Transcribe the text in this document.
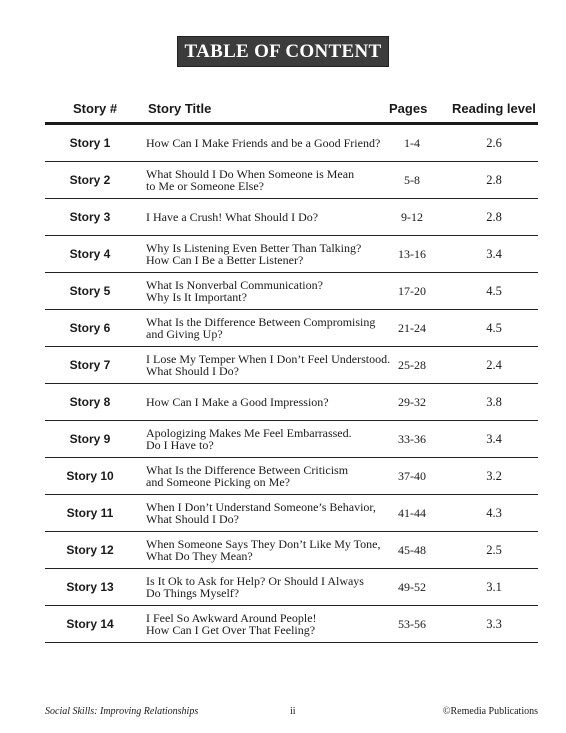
TABLE OF CONTENT
Story # Story Title	Pages Reading level
Story 1	How Can I Make Friends and be a Good Friend?	1-4	2.6
Story 2	What Should I Do When Someone is Mean
to Me or Someone Else?	5-8	2.8
Story 3	I Have a Crush! What Should I Do?	9-12	2.8
Story 4	Why Is Listening Even Better Than Talking?
How Can I Be a Better Listener?	13-16	3.4
Story 5	What Is Nonverbal Communication?
Why Is It Important?	17-20	4.5
Story 6	What Is the Difference Between Compromising
and Giving Up?	21-24	4.5
Story 7	I Lose My Temper When I Don’t Feel Understood.
What Should I Do?	25-28	2.4
Story 8	How Can I Make a Good Impression?	29-32	3.8
Story 9	Apologizing Makes Me Feel Embarrassed.
Do I Have to?	33-36	3.4
Story 10	What Is the Difference Between Criticism
and Someone Picking on Me?	37-40	3.2
Story 11	When I Don’t Understand Someone’s Behavior,
What Should I Do?	41-44	4.3
Story 12	When Someone Says They Don’t Like My Tone,
What Do They Mean?	45-48	2.5
Story 13	Is It Ok to Ask for Help? Or Should I Always
Do Things Myself?	49-52	3.1
Story 14	I Feel So Awkward Around People!
How Can I Get Over That Feeling?	53-56	3.3
Social Skills: Improving Relationships	ii	©Remedia Publications
